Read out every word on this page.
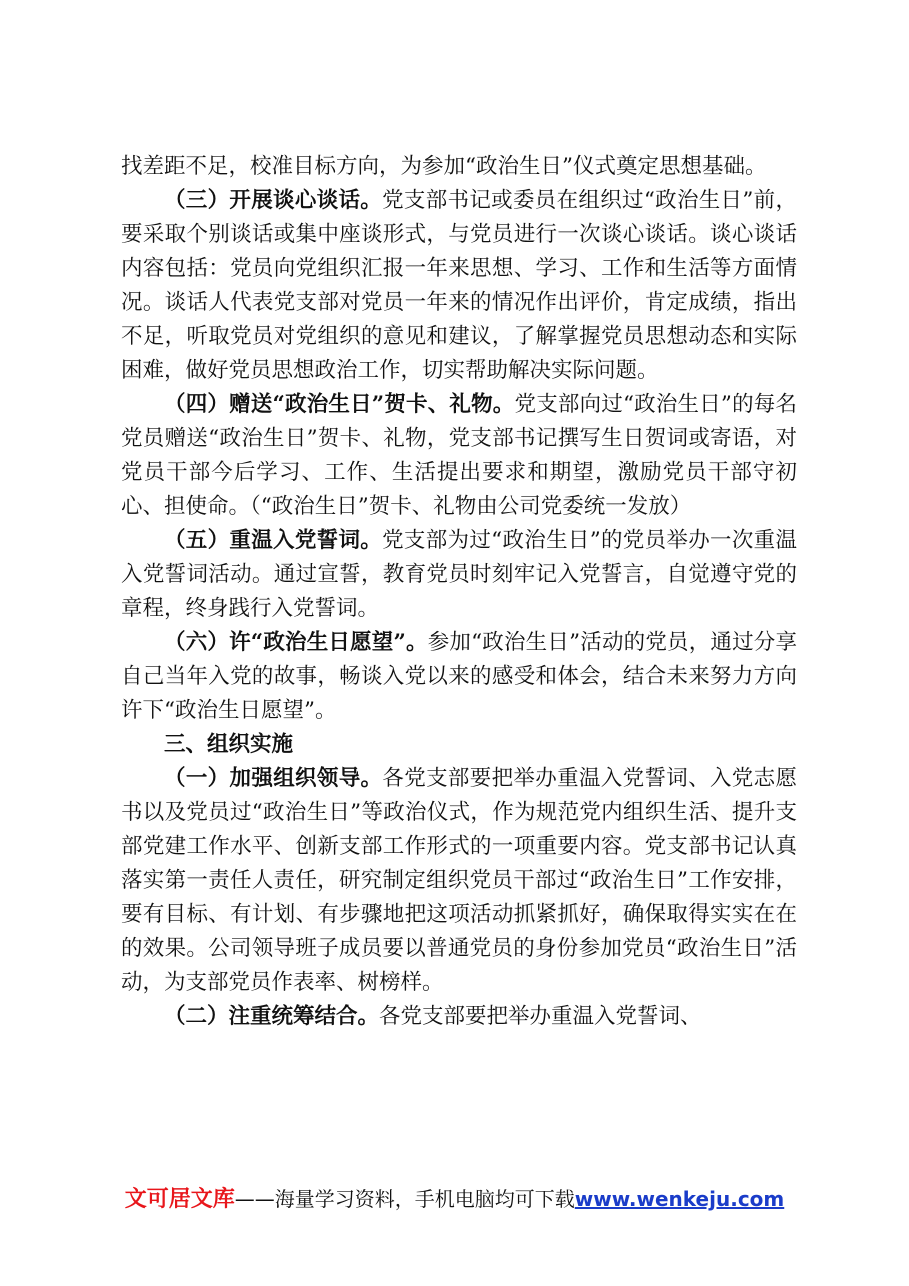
找差距不足，校准目标方向，为参加“政治生日”仪式奠定思想基础。

（三）开展谈心谈话。党支部书记或委员在组织过“政治生日”前，要采取个别谈话或集中座谈形式，与党员进行一次谈心谈话。谈心谈话内容包括：党员向党组织汇报一年来思想、学习、工作和生活等方面情况。谈话人代表党支部对党员一年来的情况作出评价，肯定成绩，指出不足，听取党员对党组织的意见和建议，了解掌握党员思想动态和实际困难，做好党员思想政治工作，切实帮助解决实际问题。

（四）赠送“政治生日”贺卡、礼物。党支部向过“政治生日”的每名党员赠送“政治生日”贺卡、礼物，党支部书记撰写生日贺词或寄语，对党员干部今后学习、工作、生活提出要求和期望，激励党员干部守初心、担使命。（“政治生日”贺卡、礼物由公司党委统一发放）

（五）重温入党誓词。党支部为过“政治生日”的党员举办一次重温入党誓词活动。通过宣誓，教育党员时刻牢记入党誓言，自觉遵守党的章程，终身践行入党誓词。

（六）许“政治生日愿望”。参加“政治生日”活动的党员，通过分享自己当年入党的故事，畅谈入党以来的感受和体会，结合未来努力方向许下“政治生日愿望”。

三、组织实施

（一）加强组织领导。各党支部要把举办重温入党誓词、入党志愿书以及党员过“政治生日”等政治仪式，作为规范党内组织生活、提升支部党建工作水平、创新支部工作形式的一项重要内容。党支部书记认真落实第一责任人责任，研究制定组织党员干部过“政治生日”工作安排，要有目标、有计划、有步骤地把这项活动抓紧抓好，确保取得实实在在的效果。公司领导班子成员要以普通党员的身份参加党员“政治生日”活动，为支部党员作表率、树榜样。

（二）注重统筹结合。各党支部要把举办重温入党誓词、

文可居文库——海量学习资料，手机电脑均可下载www.wenkeju.com
